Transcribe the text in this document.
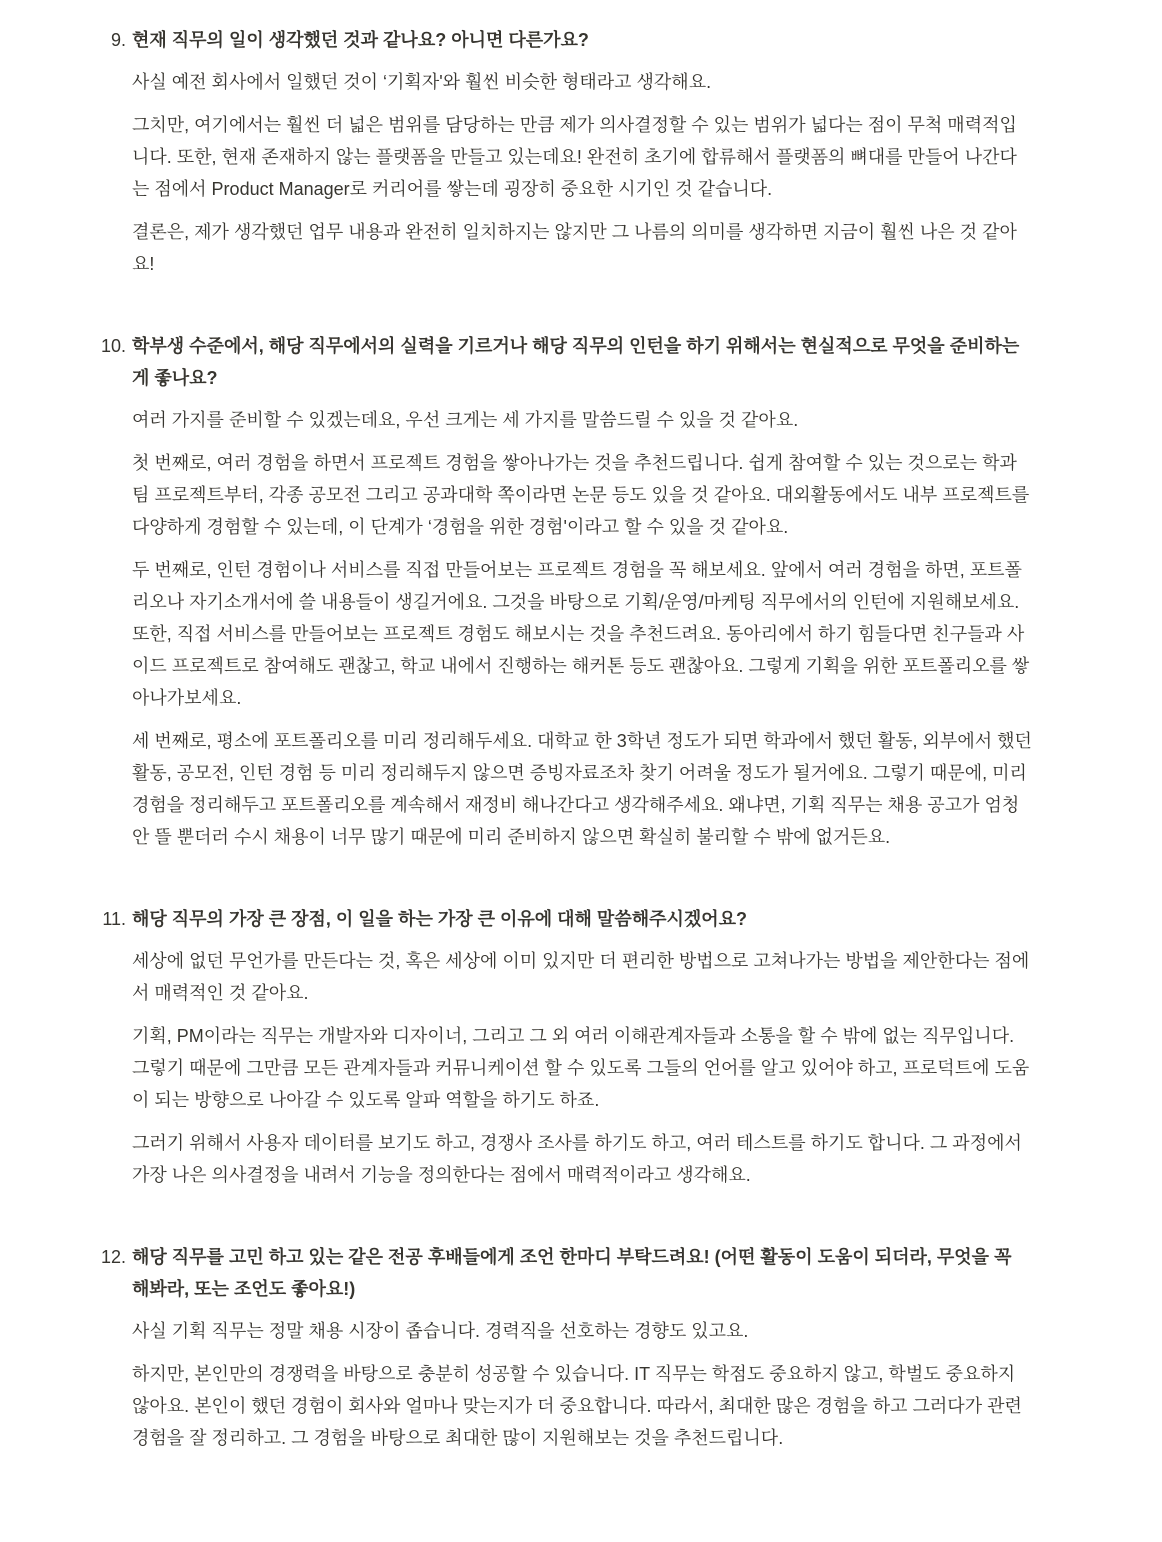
9. 현재 직무의 일이 생각했던 것과 같나요? 아니면 다른가요?

사실 예전 회사에서 일했던 것이 ‘기획자'와 훨씬 비슷한 형태라고 생각해요.

그치만, 여기에서는 훨씬 더 넓은 범위를 담당하는 만큼 제가 의사결정할 수 있는 범위가 넓다는 점이 무척 매력적입니다. 또한, 현재 존재하지 않는 플랫폼을 만들고 있는데요! 완전히 초기에 합류해서 플랫폼의 뼈대를 만들어 나간다는 점에서 Product Manager로 커리어를 쌓는데 굉장히 중요한 시기인 것 같습니다.

결론은, 제가 생각했던 업무 내용과 완전히 일치하지는 않지만 그 나름의 의미를 생각하면 지금이 훨씬 나은 것 같아요!

10. 학부생 수준에서, 해당 직무에서의 실력을 기르거나 해당 직무의 인턴을 하기 위해서는 현실적으로 무엇을 준비하는 게 좋나요?

여러 가지를 준비할 수 있겠는데요, 우선 크게는 세 가지를 말씀드릴 수 있을 것 같아요.

첫 번째로, 여러 경험을 하면서 프로젝트 경험을 쌓아나가는 것을 추천드립니다. 쉽게 참여할 수 있는 것으로는 학과 팀 프로젝트부터, 각종 공모전 그리고 공과대학 쪽이라면 논문 등도 있을 것 같아요. 대외활동에서도 내부 프로젝트를 다양하게 경험할 수 있는데, 이 단계가 ‘경험을 위한 경험'이라고 할 수 있을 것 같아요.

두 번째로, 인턴 경험이나 서비스를 직접 만들어보는 프로젝트 경험을 꼭 해보세요. 앞에서 여러 경험을 하면, 포트폴리오나 자기소개서에 쓸 내용들이 생길거에요. 그것을 바탕으로 기획/운영/마케팅 직무에서의 인턴에 지원해보세요. 또한, 직접 서비스를 만들어보는 프로젝트 경험도 해보시는 것을 추천드려요. 동아리에서 하기 힘들다면 친구들과 사이드 프로젝트로 참여해도 괜찮고, 학교 내에서 진행하는 해커톤 등도 괜찮아요. 그렇게 기획을 위한 포트폴리오를 쌓아나가보세요.

세 번째로, 평소에 포트폴리오를 미리 정리해두세요. 대학교 한 3학년 정도가 되면 학과에서 했던 활동, 외부에서 했던 활동, 공모전, 인턴 경험 등 미리 정리해두지 않으면 증빙자료조차 찾기 어려울 정도가 될거에요. 그렇기 때문에, 미리 경험을 정리해두고 포트폴리오를 계속해서 재정비 해나간다고 생각해주세요. 왜냐면, 기획 직무는 채용 공고가 엄청 안 뜰 뿐더러 수시 채용이 너무 많기 때문에 미리 준비하지 않으면 확실히 불리할 수 밖에 없거든요.

11. 해당 직무의 가장 큰 장점, 이 일을 하는 가장 큰 이유에 대해 말씀해주시겠어요?

세상에 없던 무언가를 만든다는 것, 혹은 세상에 이미 있지만 더 편리한 방법으로 고쳐나가는 방법을 제안한다는 점에서 매력적인 것 같아요.

기획, PM이라는 직무는 개발자와 디자이너, 그리고 그 외 여러 이해관계자들과 소통을 할 수 밖에 없는 직무입니다. 그렇기 때문에 그만큼 모든 관계자들과 커뮤니케이션 할 수 있도록 그들의 언어를 알고 있어야 하고, 프로덕트에 도움이 되는 방향으로 나아갈 수 있도록 알파 역할을 하기도 하죠.

그러기 위해서 사용자 데이터를 보기도 하고, 경쟁사 조사를 하기도 하고, 여러 테스트를 하기도 합니다. 그 과정에서 가장 나은 의사결정을 내려서 기능을 정의한다는 점에서 매력적이라고 생각해요.

12. 해당 직무를 고민 하고 있는 같은 전공 후배들에게 조언 한마디 부탁드려요! (어떤 활동이 도움이 되더라, 무엇을 꼭 해봐라, 또는 조언도 좋아요!)

사실 기획 직무는 정말 채용 시장이 좁습니다. 경력직을 선호하는 경향도 있고요.

하지만, 본인만의 경쟁력을 바탕으로 충분히 성공할 수 있습니다. IT 직무는 학점도 중요하지 않고, 학벌도 중요하지 않아요. 본인이 했던 경험이 회사와 얼마나 맞는지가 더 중요합니다. 따라서, 최대한 많은 경험을 하고 그러다가 관련 경험을 잘 정리하고. 그 경험을 바탕으로 최대한 많이 지원해보는 것을 추천드립니다.
